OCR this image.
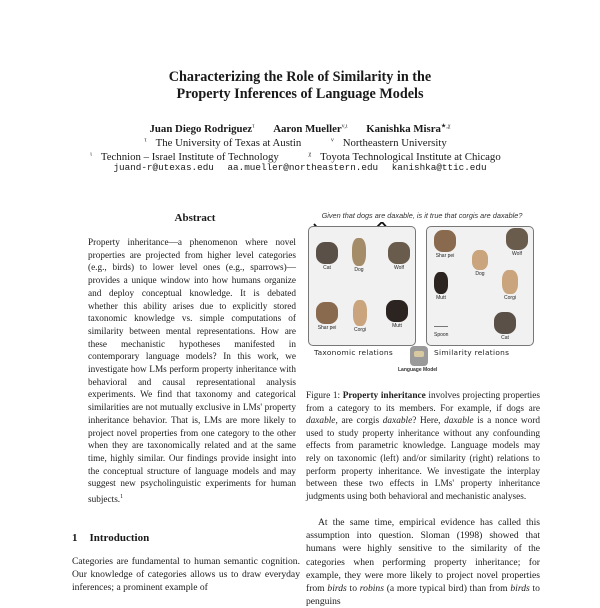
Characterizing the Role of Similarity in the
Property Inferences of Language Models
Juan Diego Rodriguez$^\tau$ Aaron Mueller$^{\nu,\iota}$ Kanishka Misra$^{★,\chi}$
$^\tau$ The University of Texas at Austin	$^\nu$ Northeastern University
$^\iota$ Technion – Israel Institute of Technology	$^\chi$ Toyota Technological Institute at Chicago
juand-r@utexas.edu aa.mueller@northeastern.edu kanishka@ttic.edu
Abstract
Property inheritance—a phenomenon where novel properties are projected from higher level categories (e.g., birds) to lower level ones (e.g., sparrows)—provides a unique window into how humans organize and deploy conceptual knowledge. It is debated whether this ability arises due to explicitly stored taxonomic knowledge vs. simple computations of similarity between mental representations. How are these mechanistic hypotheses manifested in contemporary language models? In this work, we investigate how LMs perform property inheritance with behavioral and causal representational analysis experiments. We find that taxonomy and categorical similarities are not mutually exclusive in LMs' property inheritance behavior. That is, LMs are more likely to project novel properties from one category to the other when they are taxonomically related and at the same time, highly similar. Our findings provide insight into the conceptual structure of language models and may suggest new psycholinguistic experiments for human subjects.$^1$
1 Introduction
Categories are fundamental to human semantic cognition. Our knowledge of categories allows us to draw everyday inferences; a prominent example of
Given that dogs are daxable, is it true that corgis are daxable?
Cat	Dog	Wolf
Shar pei	Corgi
Mutt
Shar pei	Wolf
Dog
Mutt	Corgi
Spoon	Cat
Taxonomic relations	Similarity relations
Language Model
Figure 1: Property inheritance involves projecting properties from a category to its members. For example, if dogs are daxable, are corgis daxable? Here, daxable is a nonce word used to study property inheritance without any confounding effects from parametric knowledge. Language models may rely on taxonomic (left) and/or similarity (right) relations to perform property inheritance. We investigate the interplay between these two effects in LMs' property inheritance judgments using both behavioral and mechanistic analyses.
At the same time, empirical evidence has called this assumption into question. Sloman (1998) showed that humans were highly sensitive to the similarity of the categories when performing property inheritance; for example, they were more likely to project novel properties from birds to robins (a more typical bird) than from birds to penguins
